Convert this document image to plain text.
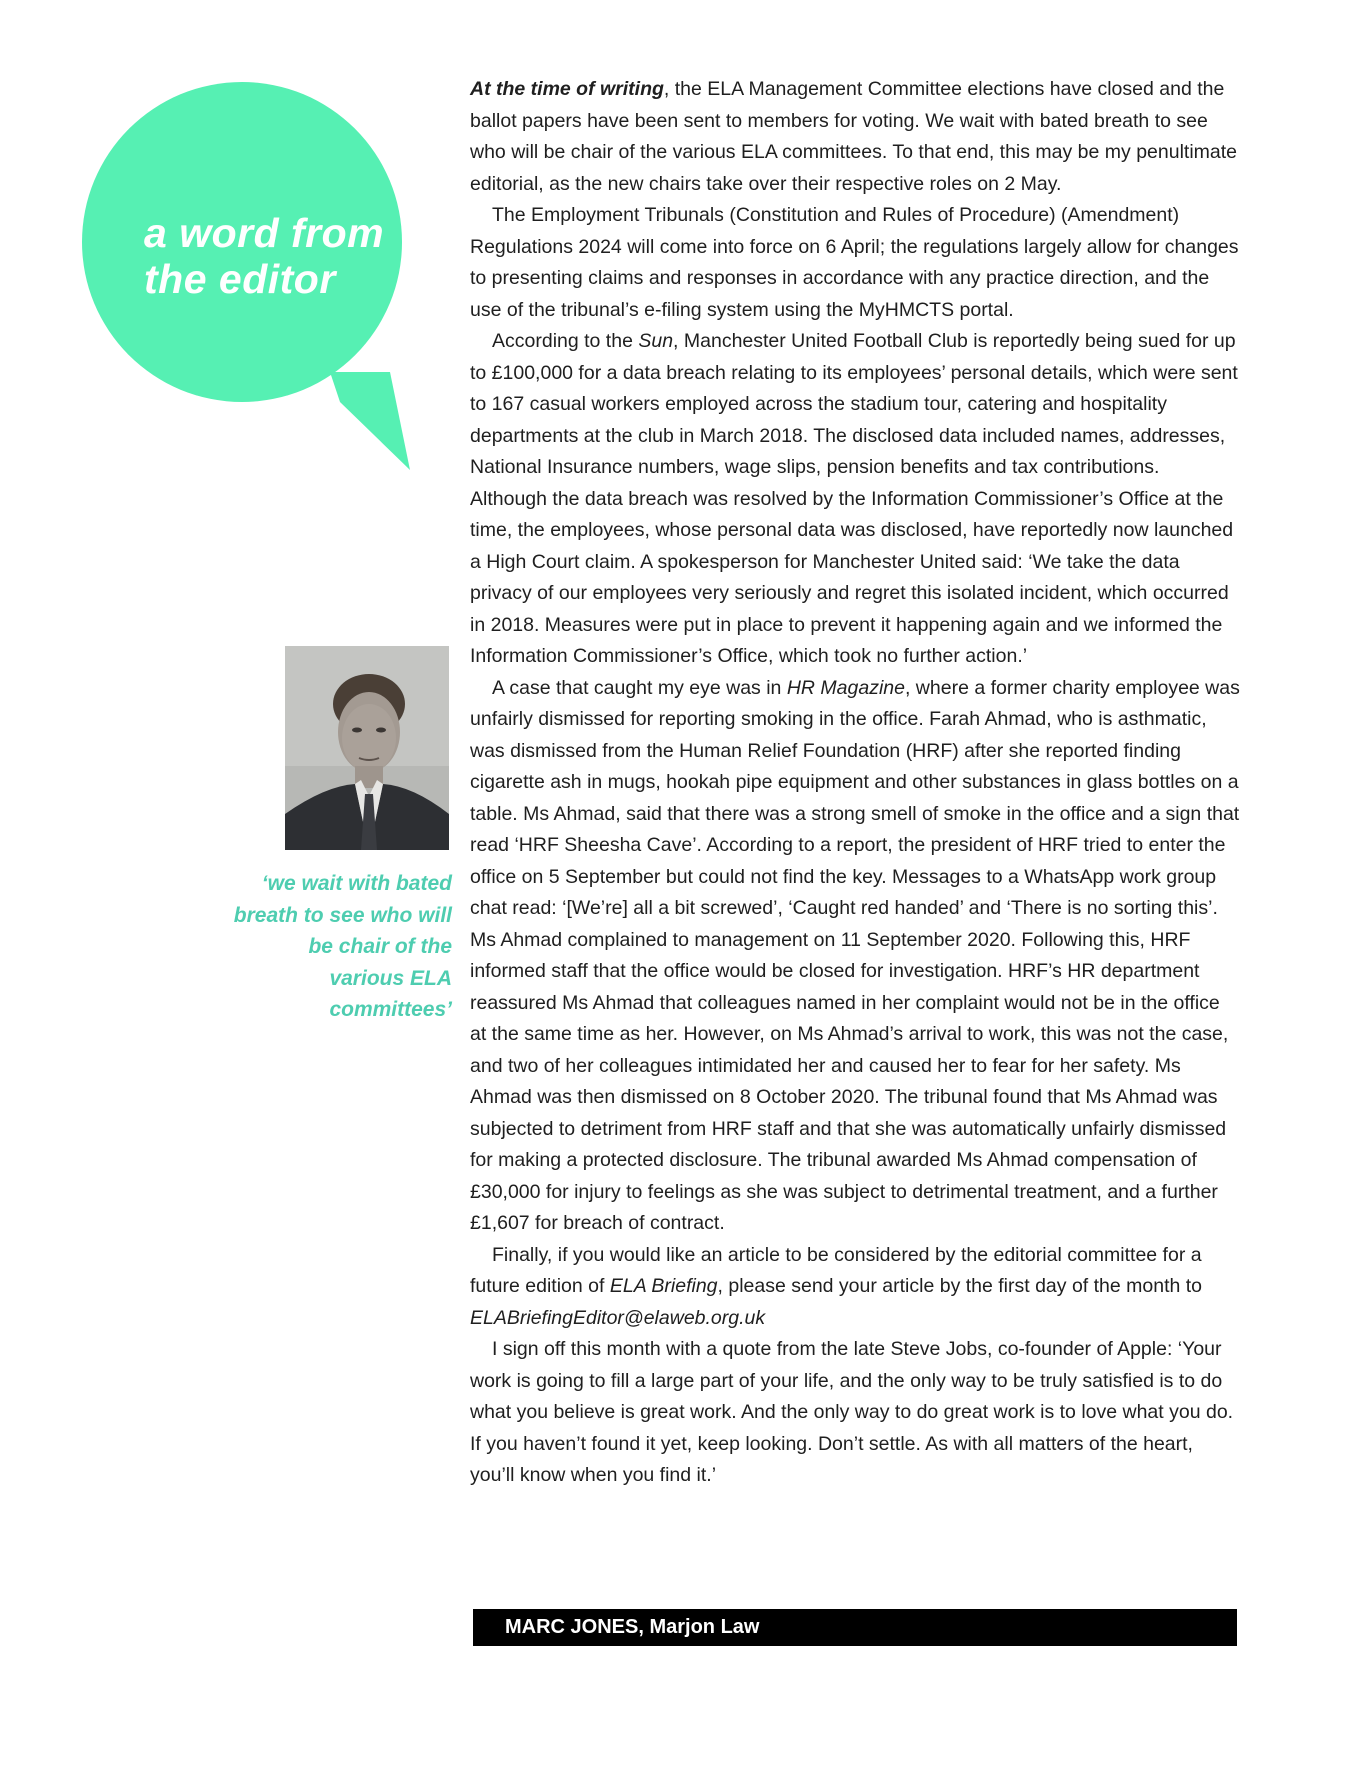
a word from
the editor
‘we wait with bated breath to see who will be chair of the various ELA committees’

At the time of writing, the ELA Management Committee elections have closed and the ballot papers have been sent to members for voting. We wait with bated breath to see who will be chair of the various ELA committees. To that end, this may be my penultimate editorial, as the new chairs take over their respective roles on 2 May.

The Employment Tribunals (Constitution and Rules of Procedure) (Amendment) Regulations 2024 will come into force on 6 April; the regulations largely allow for changes to presenting claims and responses in accordance with any practice direction, and the use of the tribunal’s e-filing system using the MyHMCTS portal.

According to the Sun, Manchester United Football Club is reportedly being sued for up to £100,000 for a data breach relating to its employees’ personal details, which were sent to 167 casual workers employed across the stadium tour, catering and hospitality departments at the club in March 2018. The disclosed data included names, addresses, National Insurance numbers, wage slips, pension benefits and tax contributions. Although the data breach was resolved by the Information Commissioner’s Office at the time, the employees, whose personal data was disclosed, have reportedly now launched a High Court claim. A spokesperson for Manchester United said: ‘We take the data privacy of our employees very seriously and regret this isolated incident, which occurred in 2018. Measures were put in place to prevent it happening again and we informed the Information Commissioner’s Office, which took no further action.’

A case that caught my eye was in HR Magazine, where a former charity employee was unfairly dismissed for reporting smoking in the office. Farah Ahmad, who is asthmatic, was dismissed from the Human Relief Foundation (HRF) after she reported finding cigarette ash in mugs, hookah pipe equipment and other substances in glass bottles on a table. Ms Ahmad, said that there was a strong smell of smoke in the office and a sign that read ‘HRF Sheesha Cave’. According to a report, the president of HRF tried to enter the office on 5 September but could not find the key. Messages to a WhatsApp work group chat read: ‘[We’re] all a bit screwed’, ‘Caught red handed’ and ‘There is no sorting this’. Ms Ahmad complained to management on 11 September 2020. Following this, HRF informed staff that the office would be closed for investigation. HRF’s HR department reassured Ms Ahmad that colleagues named in her complaint would not be in the office at the same time as her. However, on Ms Ahmad’s arrival to work, this was not the case, and two of her colleagues intimidated her and caused her to fear for her safety. Ms Ahmad was then dismissed on 8 October 2020. The tribunal found that Ms Ahmad was subjected to detriment from HRF staff and that she was automatically unfairly dismissed for making a protected disclosure. The tribunal awarded Ms Ahmad compensation of £30,000 for injury to feelings as she was subject to detrimental treatment, and a further £1,607 for breach of contract.

Finally, if you would like an article to be considered by the editorial committee for a future edition of ELA Briefing, please send your article by the first day of the month to ELABriefingEditor@elaweb.org.uk

I sign off this month with a quote from the late Steve Jobs, co-founder of Apple: ‘Your work is going to fill a large part of your life, and the only way to be truly satisfied is to do what you believe is great work. And the only way to do great work is to love what you do. If you haven’t found it yet, keep looking. Don’t settle. As with all matters of the heart, you’ll know when you find it.’

MARC JONES, Marjon Law
